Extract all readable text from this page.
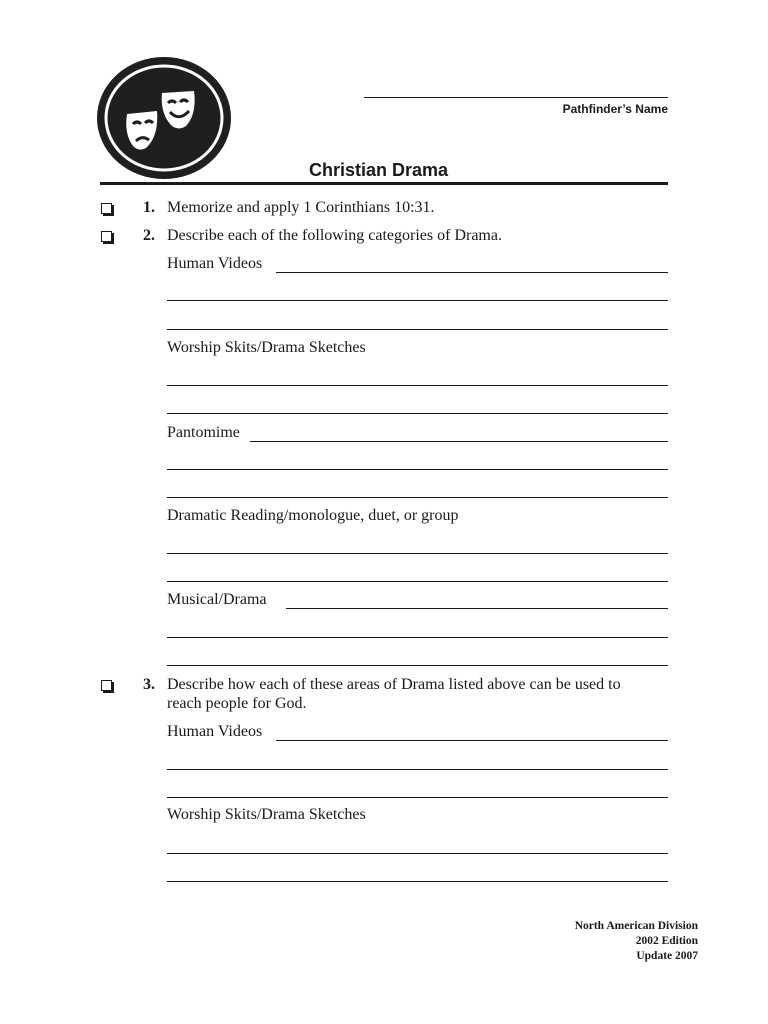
Pathfinder’s Name
Christian Drama
1. Memorize and apply 1 Corinthians 10:31.
2. Describe each of the following categories of Drama.
Human Videos
Worship Skits/Drama Sketches
Pantomime
Dramatic Reading/monologue, duet, or group
Musical/Drama
3. Describe how each of these areas of Drama listed above can be used to
reach people for God.
Human Videos
Worship Skits/Drama Sketches
North American Division
2002 Edition
Update 2007
